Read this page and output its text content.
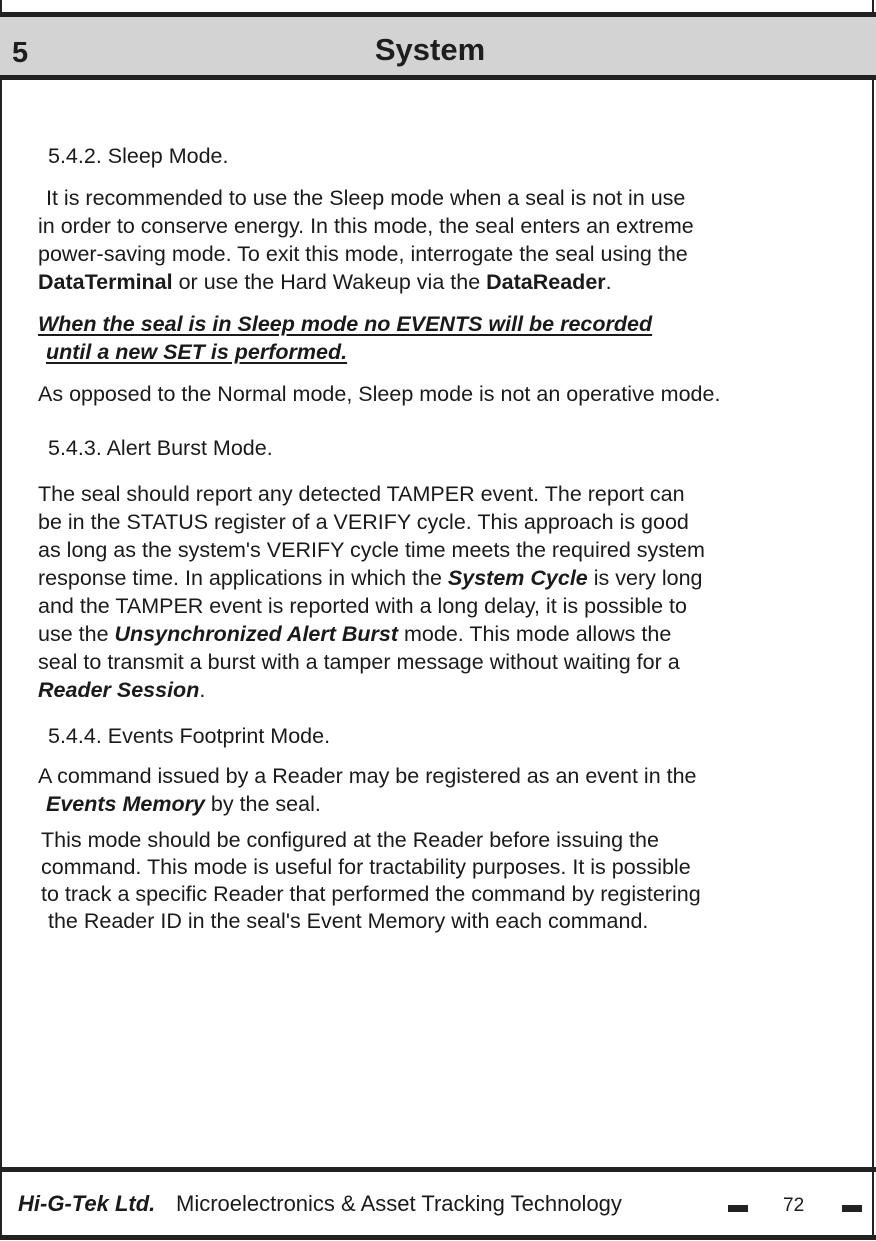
5	System
5.4.2. Sleep Mode.
It is recommended to use the Sleep mode when a seal is not in use
in order to conserve energy. In this mode, the seal enters an extreme
power-saving mode. To exit this mode, interrogate the seal using the
DataTerminal or use the Hard Wakeup via the DataReader.
When the seal is in Sleep mode no EVENTS will be recorded
until a new SET is performed.
As opposed to the Normal mode, Sleep mode is not an operative mode.
5.4.3. Alert Burst Mode.
The seal should report any detected TAMPER event. The report can
be in the STATUS register of a VERIFY cycle. This approach is good
as long as the system's VERIFY cycle time meets the required system
response time. In applications in which the System Cycle is very long
and the TAMPER event is reported with a long delay, it is possible to
use the Unsynchronized Alert Burst mode. This mode allows the
seal to transmit a burst with a tamper message without waiting for a
Reader Session.
5.4.4. Events Footprint Mode.
A command issued by a Reader may be registered as an event in the
Events Memory by the seal.
This mode should be configured at the Reader before issuing the
command. This mode is useful for tractability purposes. It is possible
to track a specific Reader that performed the command by registering
the Reader ID in the seal's Event Memory with each command.
Hi-G-Tek Ltd. Microelectronics & Asset Tracking Technology	72
